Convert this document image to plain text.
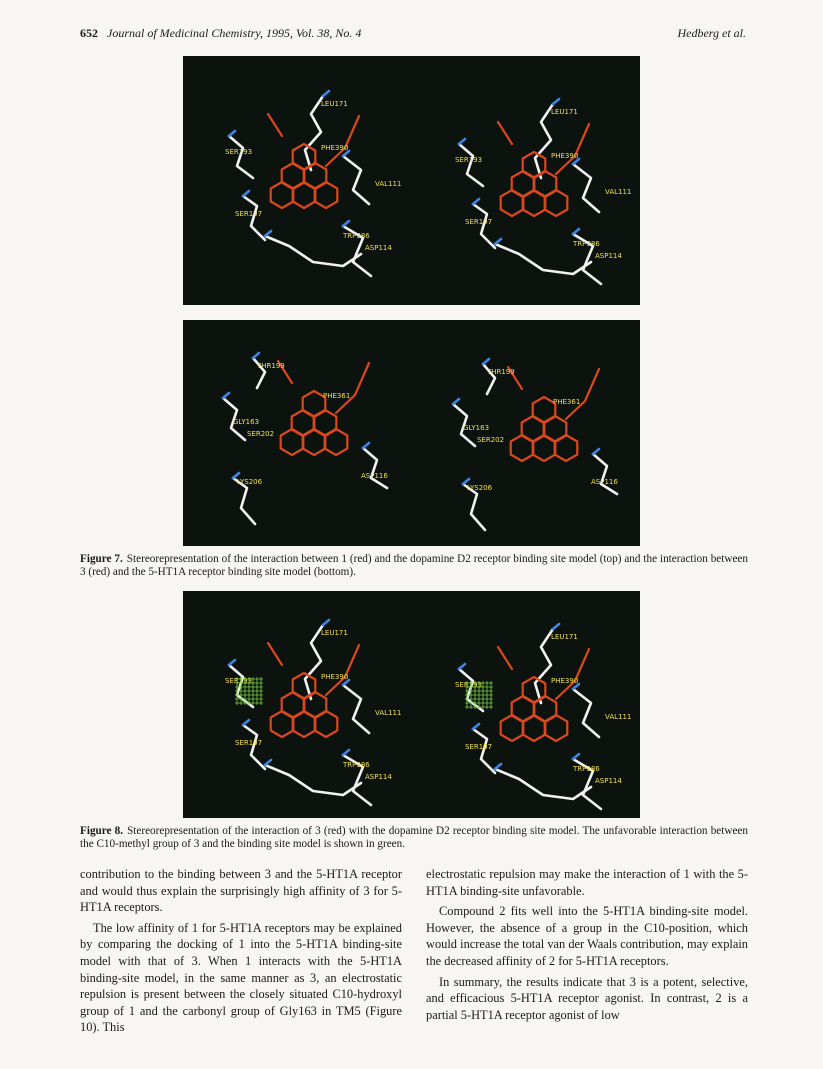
652 Journal of Medicinal Chemistry, 1995, Vol. 38, No. 4	Hedberg et al.
LEU171
PHE390
SER193
VAL111
SER197
TRP386
ASP114
LEU171
PHE390
SER193
VAL111
SER197
TRP386
ASP114
THR199
PHE361
SER202
GLY163
ASP116
LYS206
THR199
PHE361
SER202
GLY163
ASP116
LYS206
Figure 7. Stereorepresentation of the interaction between 1 (red) and the dopamine D2 receptor binding site model (top) and the interaction between 3 (red) and the 5-HT1A receptor binding site model (bottom).
LEU171
PHE390
SER193
VAL111
SER197
TRP386
ASP114
LEU171
PHE390
SER193
VAL111
SER197
TRP386
ASP114
Figure 8. Stereorepresentation of the interaction of 3 (red) with the dopamine D2 receptor binding site model. The unfavorable interaction between the C10-methyl group of 3 and the binding site model is shown in green.

contribution to the binding between 3 and the 5-HT1A receptor and would thus explain the surprisingly high affinity of 3 for 5-HT1A receptors.

The low affinity of 1 for 5-HT1A receptors may be explained by comparing the docking of 1 into the 5-HT1A binding-site model with that of 3. When 1 interacts with the 5-HT1A binding-site model, in the same manner as 3, an electrostatic repulsion is present between the closely situated C10-hydroxyl group of 1 and the carbonyl group of Gly163 in TM5 (Figure 10). This

electrostatic repulsion may make the interaction of 1 with the 5-HT1A binding-site unfavorable.

Compound 2 fits well into the 5-HT1A binding-site model. However, the absence of a group in the C10-position, which would increase the total van der Waals contribution, may explain the decreased affinity of 2 for 5-HT1A receptors.

In summary, the results indicate that 3 is a potent, selective, and efficacious 5-HT1A receptor agonist. In contrast, 2 is a partial 5-HT1A receptor agonist of low
